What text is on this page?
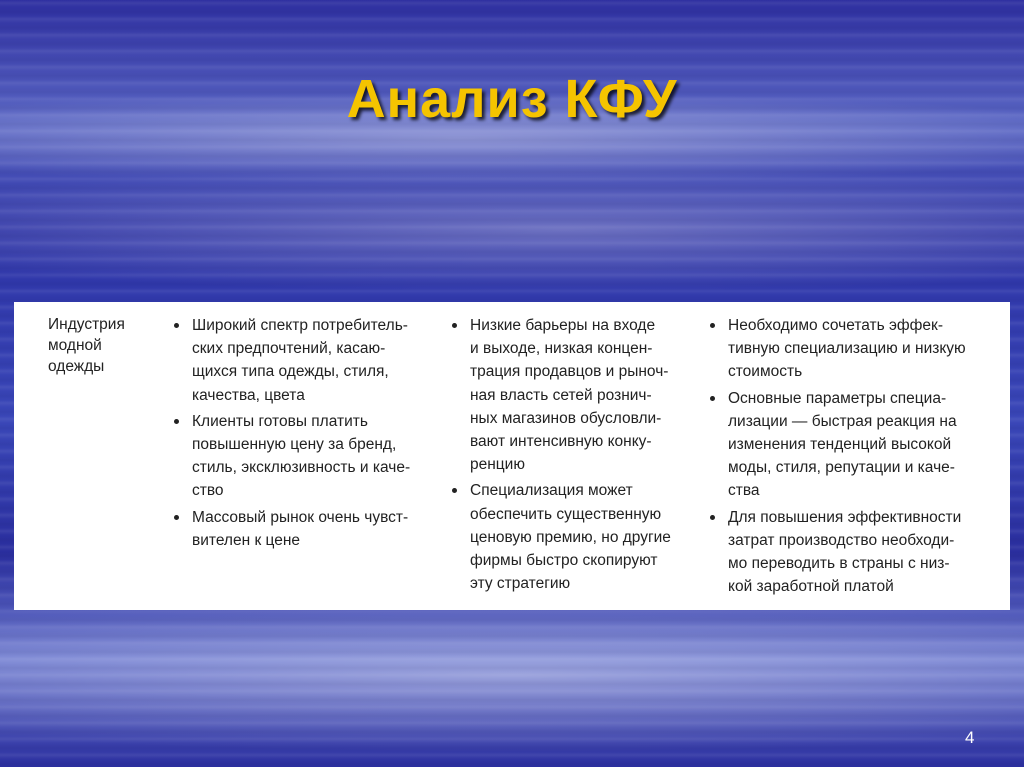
Анализ КФУ
Индустрия
модной
одежды
Широкий спектр потребитель-
ских предпочтений, касаю-
щихся типа одежды, стиля,
качества, цвета
Клиенты готовы платить
повышенную цену за бренд,
стиль, эксклюзивность и каче-
ство
Массовый рынок очень чувст-
вителен к цене
Низкие барьеры на входе
и выходе, низкая концен-
трация продавцов и рыноч-
ная власть сетей рознич-
ных магазинов обусловли-
вают интенсивную конку-
ренцию
Специализация может
обеспечить существенную
ценовую премию, но другие
фирмы быстро скопируют
эту стратегию
Необходимо сочетать эффек-
тивную специализацию и низкую
стоимость
Основные параметры специа-
лизации — быстрая реакция на
изменения тенденций высокой
моды, стиля, репутации и каче-
ства
Для повышения эффективности
затрат производство необходи-
мо переводить в страны с низ-
кой заработной платой
4
